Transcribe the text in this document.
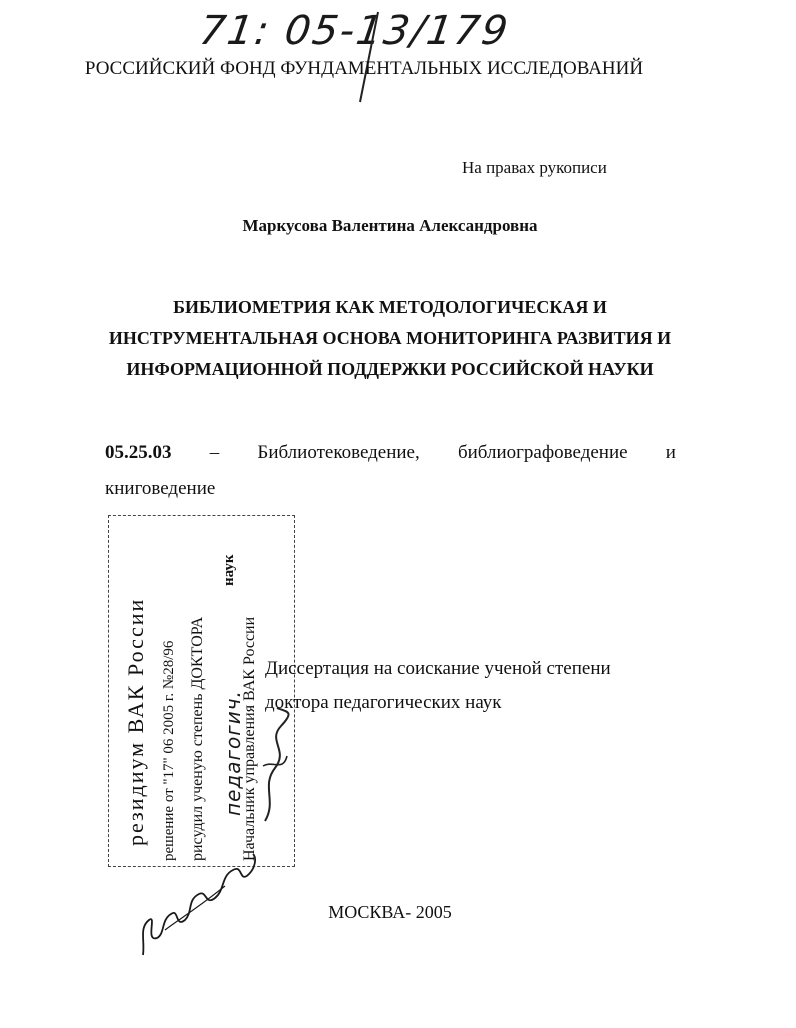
71: 05-13/179
РОССИЙСКИЙ ФОНД ФУНДАМЕНТАЛЬНЫХ ИССЛЕДОВАНИЙ
На правах рукописи
Маркусова Валентина Александровна
БИБЛИОМЕТРИЯ КАК МЕТОДОЛОГИЧЕСКАЯ И
ИНСТРУМЕНТАЛЬНАЯ ОСНОВА МОНИТОРИНГА РАЗВИТИЯ И
ИНФОРМАЦИОННОЙ ПОДДЕРЖКИ РОССИЙСКОЙ НАУКИ
05.25.03 – Библиотековедение, библиографоведение и
книговедение
резидиум ВАК России решение от "17" 06 2005 г. №28/96 рисудил ученую степень ДОКТОРА педагогич.
наук
Начальник управления ВАК России Диссертация на соискание ученой степени
доктора педагогических наук
МОСКВА- 2005
